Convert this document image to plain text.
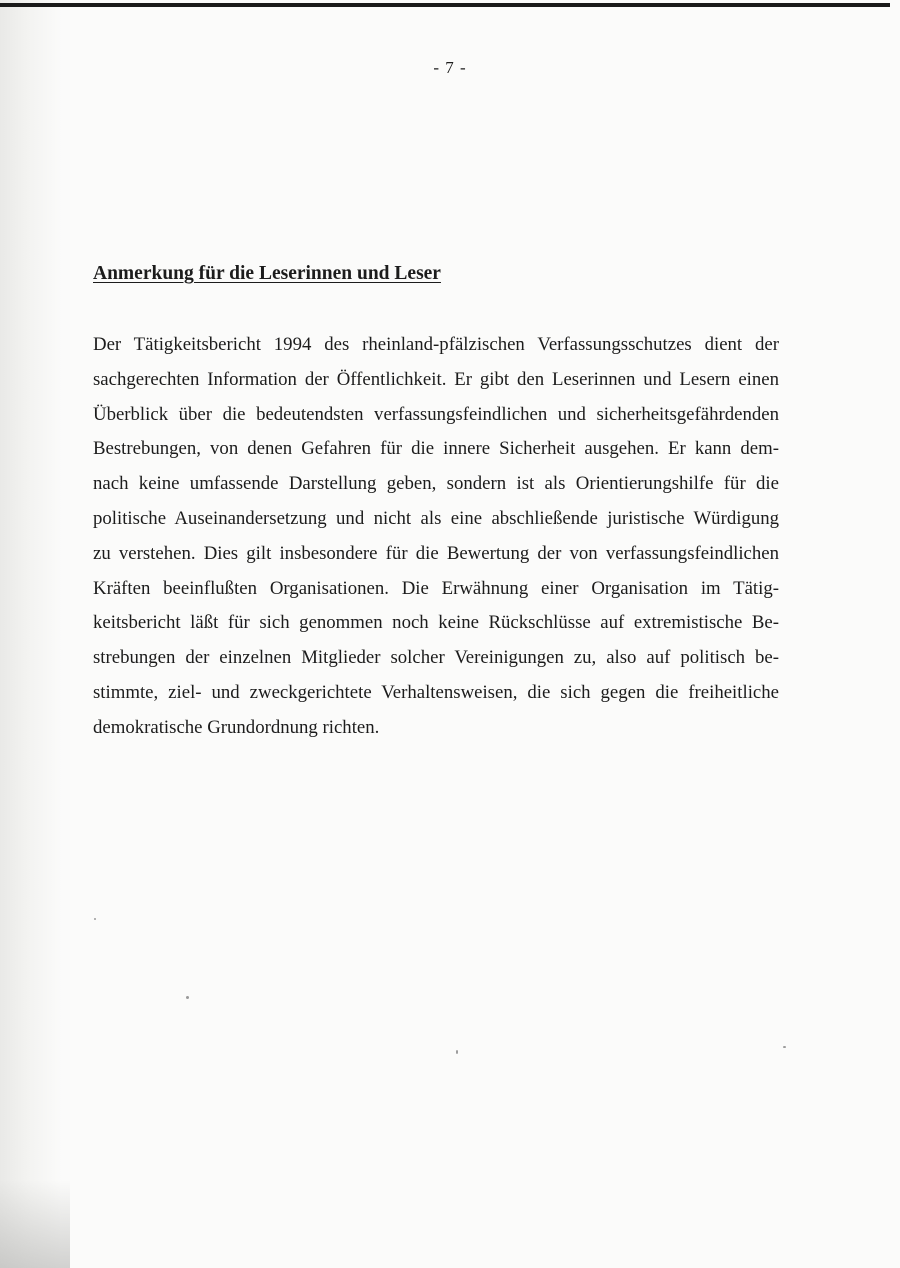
- 7 -
Anmerkung für die Leserinnen und Leser
Der Tätigkeitsbericht 1994 des rheinland-pfälzischen Verfassungsschutzes dient der
sachgerechten Information der Öffentlichkeit. Er gibt den Leserinnen und Lesern einen
Überblick über die bedeutendsten verfassungsfeindlichen und sicherheitsgefährdenden
Bestrebungen, von denen Gefahren für die innere Sicherheit ausgehen. Er kann dem-
nach keine umfassende Darstellung geben, sondern ist als Orientierungshilfe für die
politische Auseinandersetzung und nicht als eine abschließende juristische Würdigung
zu verstehen. Dies gilt insbesondere für die Bewertung der von verfassungsfeindlichen
Kräften beeinflußten Organisationen. Die Erwähnung einer Organisation im Tätig-
keitsbericht läßt für sich genommen noch keine Rückschlüsse auf extremistische Be-
strebungen der einzelnen Mitglieder solcher Vereinigungen zu, also auf politisch be-
stimmte, ziel- und zweckgerichtete Verhaltensweisen, die sich gegen die freiheitliche
demokratische Grundordnung richten.
